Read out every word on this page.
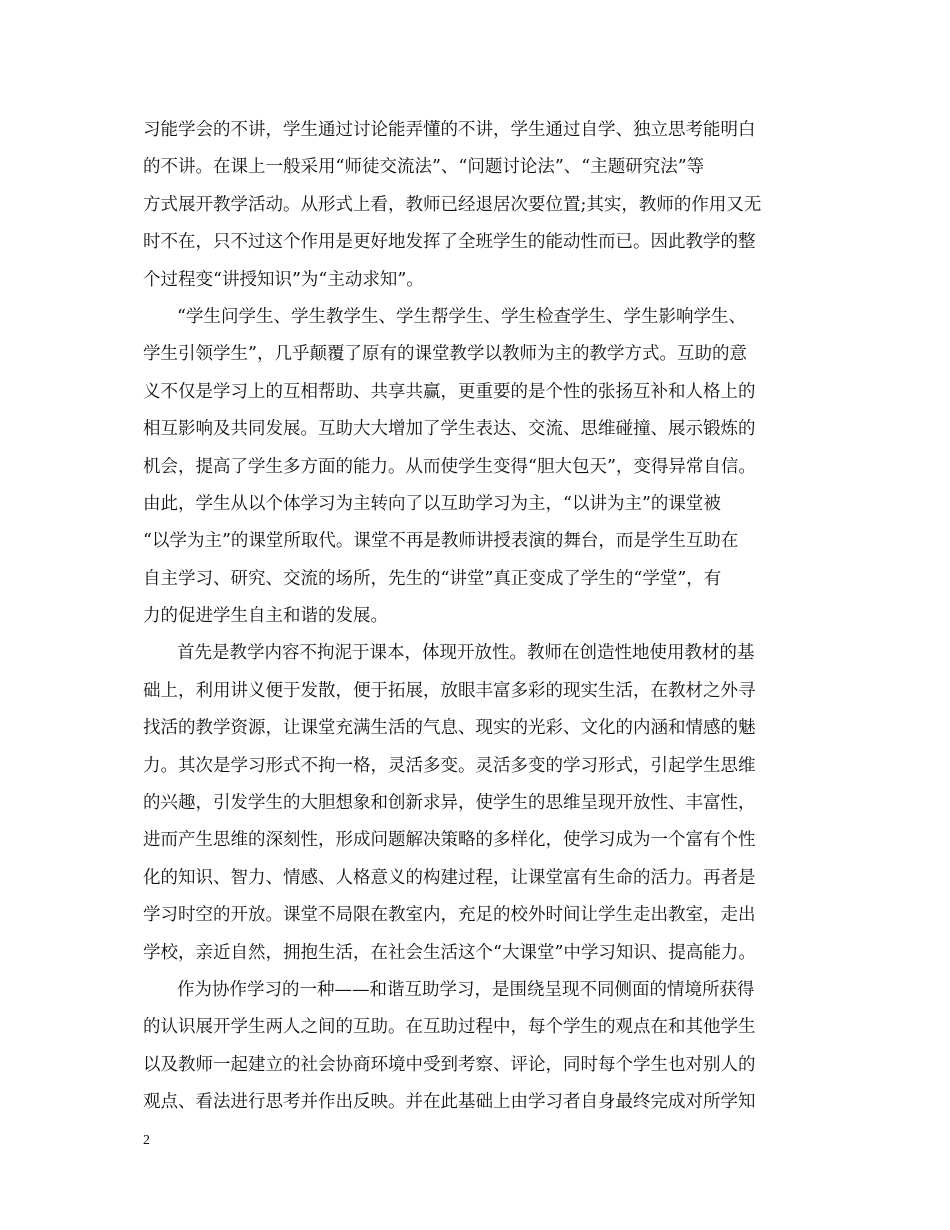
习能学会的不讲，学生通过讨论能弄懂的不讲，学生通过自学、独立思考能明白
的不讲。在课上一般采用“师徒交流法”、“问题讨论法”、“主题研究法”等
方式展开教学活动。从形式上看，教师已经退居次要位置;其实，教师的作用又无
时不在，只不过这个作用是更好地发挥了全班学生的能动性而已。因此教学的整
个过程变“讲授知识”为“主动求知”。
“学生问学生、学生教学生、学生帮学生、学生检查学生、学生影响学生、
学生引领学生”，几乎颠覆了原有的课堂教学以教师为主的教学方式。互助的意
义不仅是学习上的互相帮助、共享共赢，更重要的是个性的张扬互补和人格上的
相互影响及共同发展。互助大大增加了学生表达、交流、思维碰撞、展示锻炼的
机会，提高了学生多方面的能力。从而使学生变得“胆大包天”，变得异常自信。
由此，学生从以个体学习为主转向了以互助学习为主，“以讲为主”的课堂被
“以学为主”的课堂所取代。课堂不再是教师讲授表演的舞台，而是学生互助在
自主学习、研究、交流的场所，先生的“讲堂”真正变成了学生的“学堂”，有
力的促进学生自主和谐的发展。
首先是教学内容不拘泥于课本，体现开放性。教师在创造性地使用教材的基
础上，利用讲义便于发散，便于拓展，放眼丰富多彩的现实生活，在教材之外寻
找活的教学资源，让课堂充满生活的气息、现实的光彩、文化的内涵和情感的魅
力。其次是学习形式不拘一格，灵活多变。灵活多变的学习形式，引起学生思维
的兴趣，引发学生的大胆想象和创新求异，使学生的思维呈现开放性、丰富性，
进而产生思维的深刻性，形成问题解决策略的多样化，使学习成为一个富有个性
化的知识、智力、情感、人格意义的构建过程，让课堂富有生命的活力。再者是
学习时空的开放。课堂不局限在教室内，充足的校外时间让学生走出教室，走出
学校，亲近自然，拥抱生活，在社会生活这个“大课堂”中学习知识、提高能力。
作为协作学习的一种——和谐互助学习，是围绕呈现不同侧面的情境所获得
的认识展开学生两人之间的互助。在互助过程中，每个学生的观点在和其他学生
以及教师一起建立的社会协商环境中受到考察、评论，同时每个学生也对别人的
观点、看法进行思考并作出反映。并在此基础上由学习者自身最终完成对所学知
2
